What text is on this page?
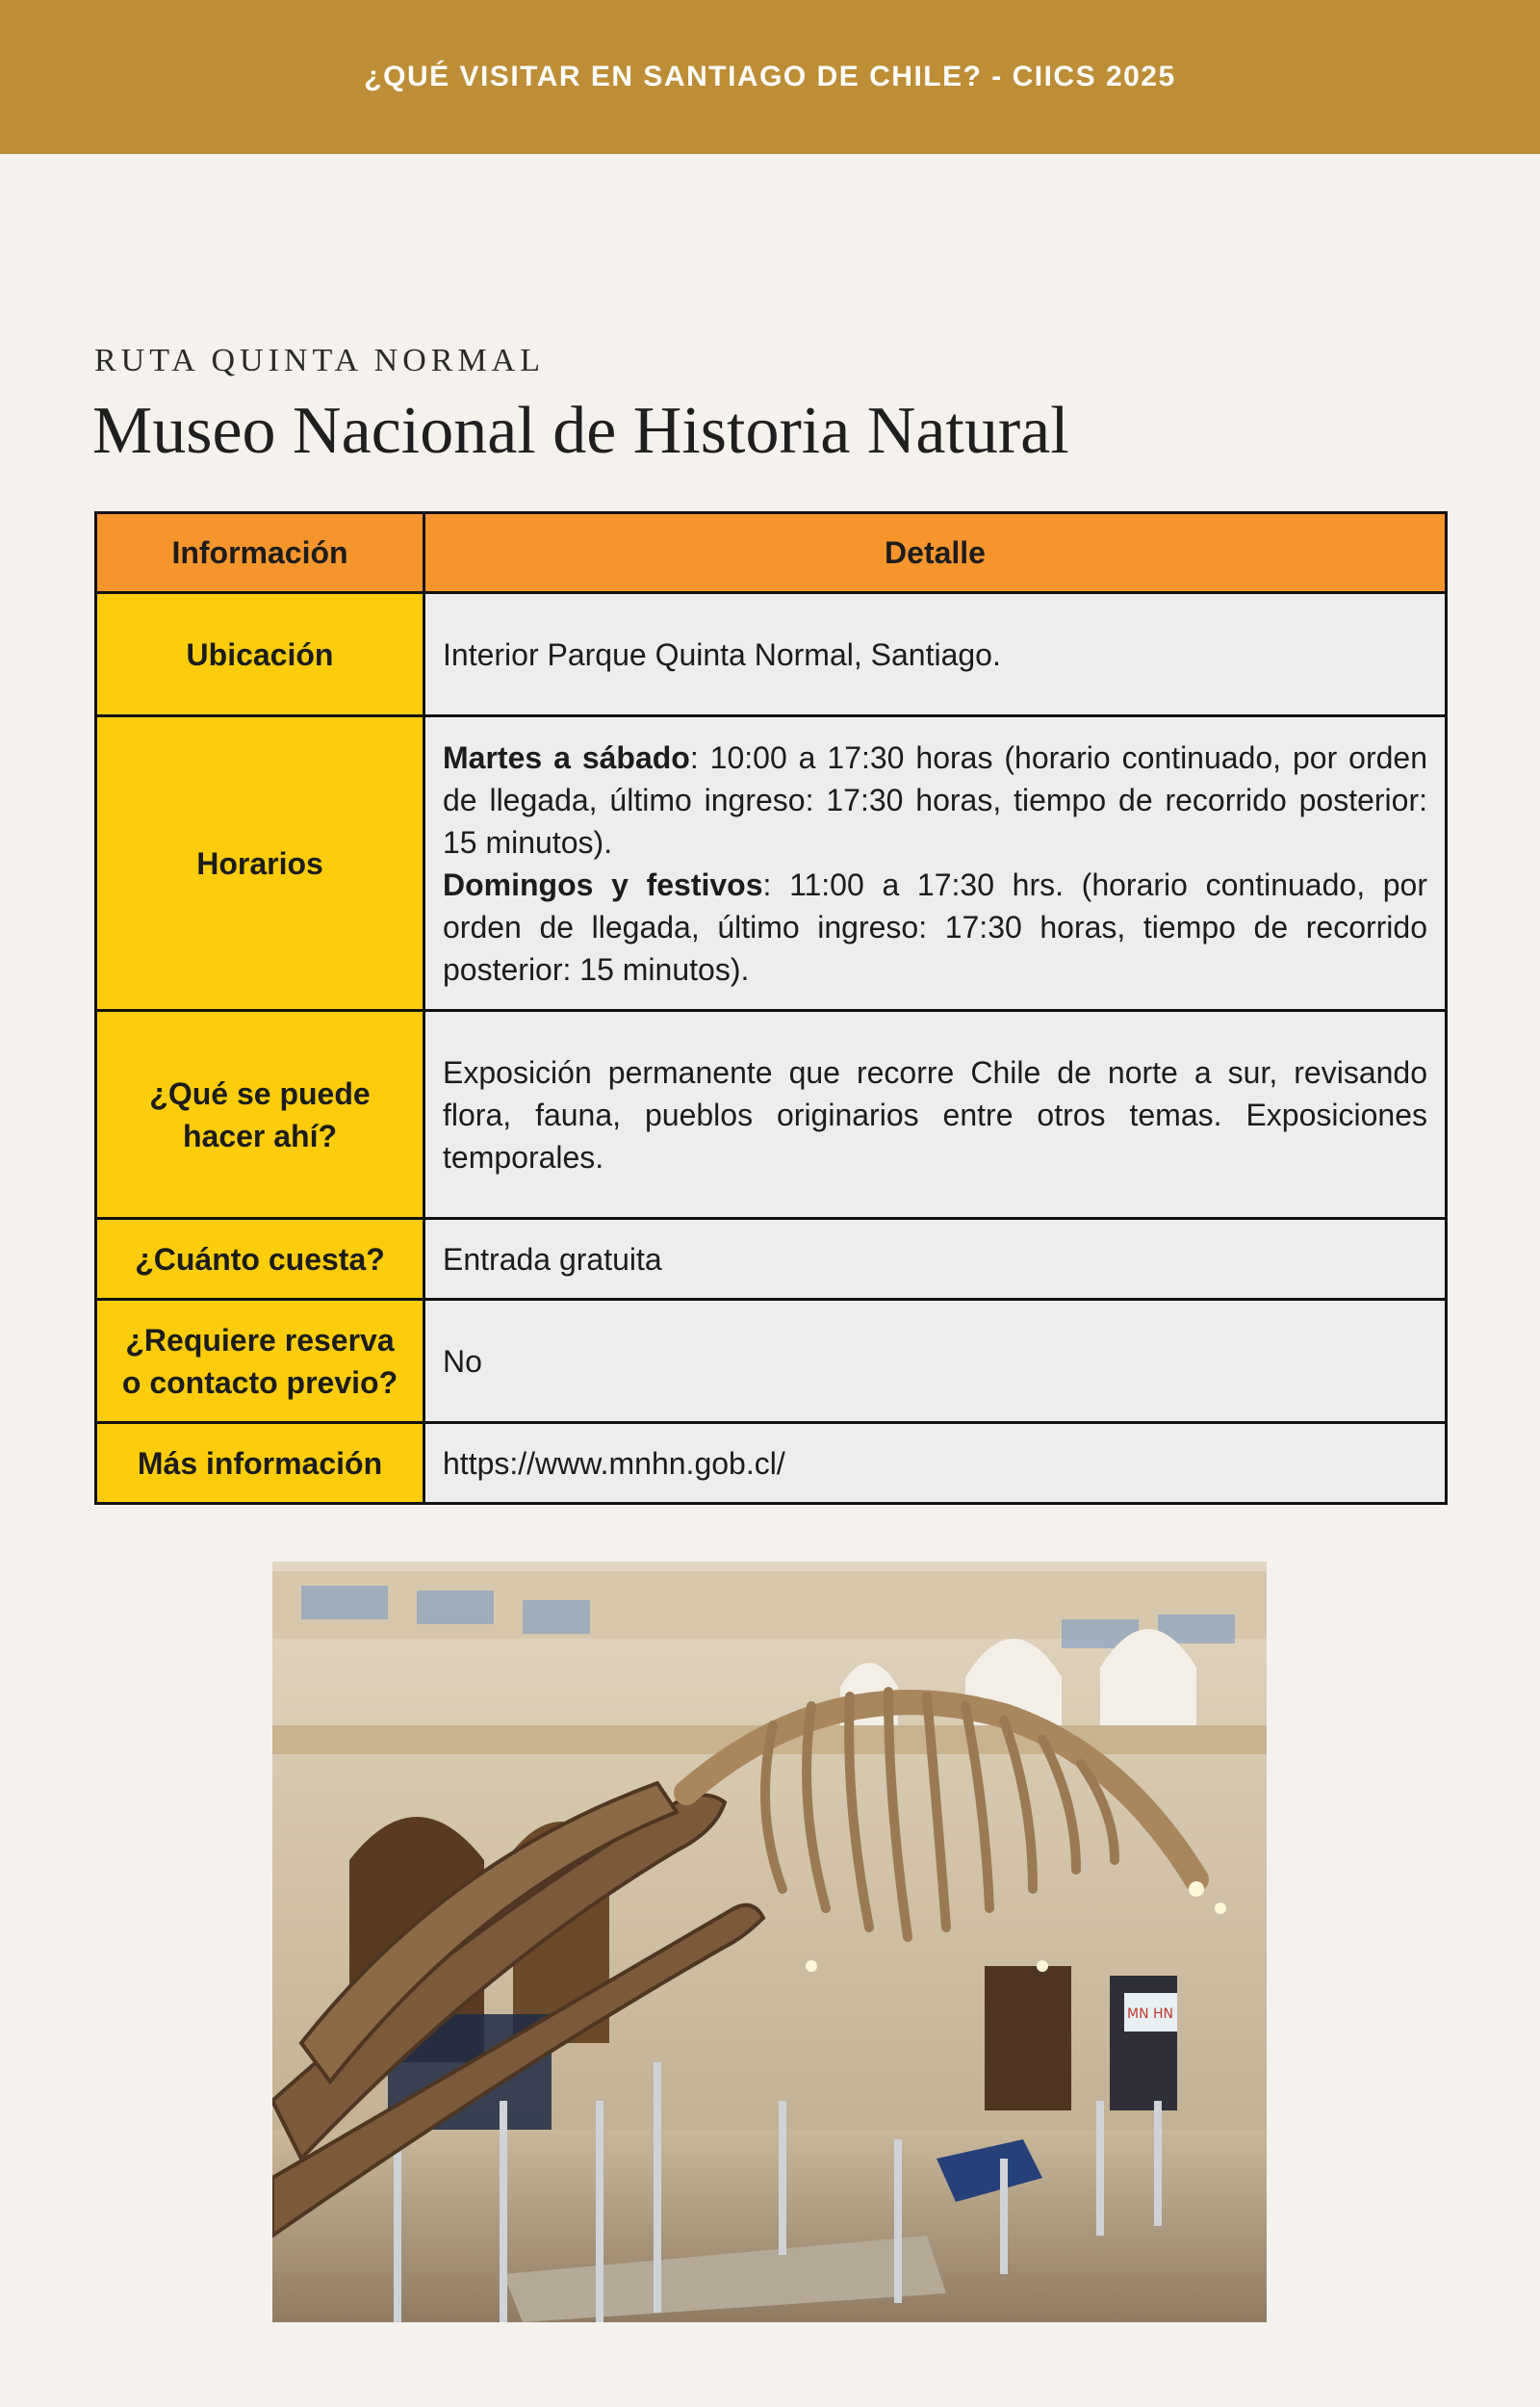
¿QUÉ VISITAR EN SANTIAGO DE CHILE? - CIICS 2025
RUTA QUINTA NORMAL
Museo Nacional de Historia Natural
Información	Detalle
Ubicación	Interior Parque Quinta Normal, Santiago.
Horarios	Martes a sábado: 10:00 a 17:30 horas (horario continuado, por orden de llegada, último ingreso: 17:30 horas, tiempo de recorrido posterior: 15 minutos).
Domingos y festivos: 11:00 a 17:30 hrs. (horario continuado, por orden de llegada, último ingreso: 17:30 horas, tiempo de recorrido posterior: 15 minutos).

¿Qué se puede hacer ahí?	Exposición permanente que recorre Chile de norte a sur, revisando flora, fauna, pueblos originarios entre otros temas. Exposiciones temporales.
¿Cuánto cuesta?	Entrada gratuita
¿Requiere reserva o contacto previo?	No
Más información	https://www.mnhn.gob.cl/
MN HN
